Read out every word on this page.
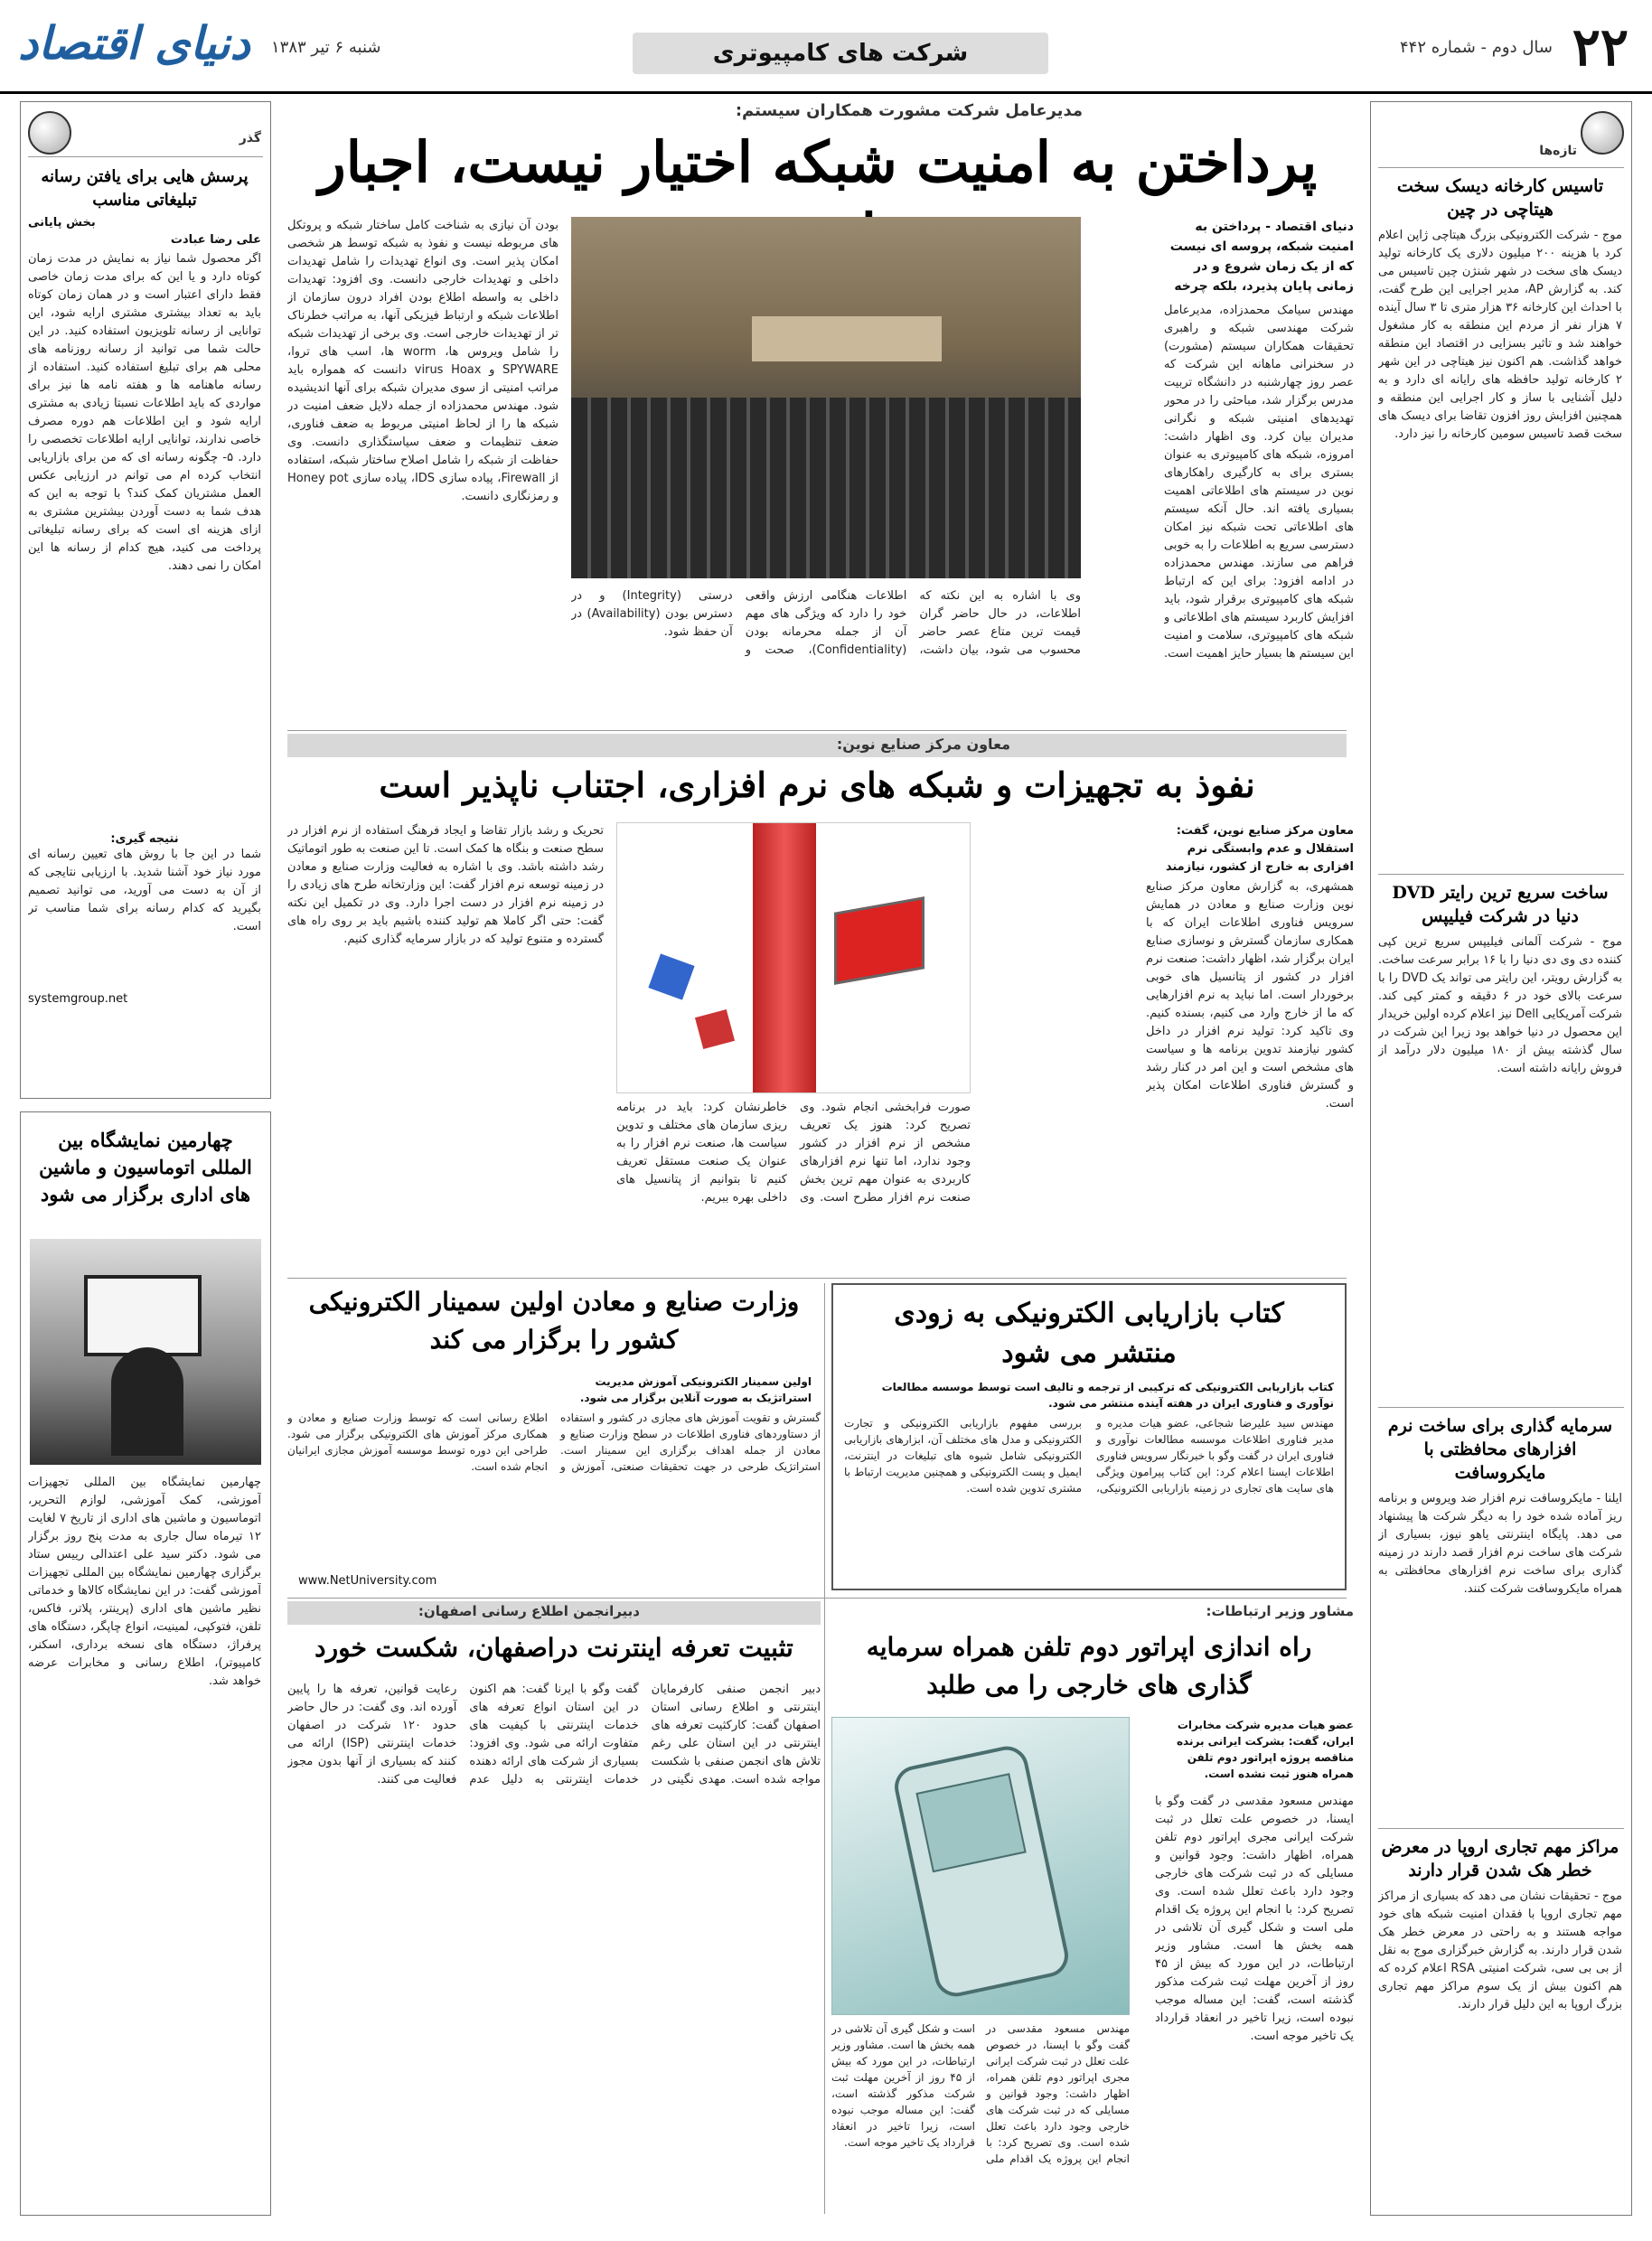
۲۲
سال دوم - شماره ۴۴۲
شرکت های کامپیوتری
شنبه ۶ تیر ۱۳۸۳
دنیای اقتصاد
تازه‌ها
تاسیس کارخانه دیسک سخت هیتاچی در چین
موج - شرکت الکترونیکی بزرگ هیتاچی ژاپن اعلام کرد با هزینه ۲۰۰ میلیون دلاری یک کارخانه تولید دیسک های سخت در شهر شنژن چین تاسیس می کند. به گزارش AP، مدیر اجرایی این طرح گفت، با احداث این کارخانه ۳۶ هزار متری تا ۳ سال آینده ۷ هزار نفر از مردم این منطقه به کار مشغول خواهند شد و تاثیر بسزایی در اقتصاد این منطقه خواهد گذاشت. هم اکنون نیز هیتاچی در این شهر ۲ کارخانه تولید حافظه های رایانه ای دارد و به دلیل آشنایی با ساز و کار اجرایی این منطقه و همچنین افزایش روز افزون تقاضا برای دیسک های سخت قصد تاسیس سومین کارخانه را نیز دارد.
ساخت سریع ترین رایتر DVD دنیا در شرکت فیلیپس
موج - شرکت آلمانی فیلیپس سریع ترین کپی کننده دی وی دی دنیا را با ۱۶ برابر سرعت ساخت. به گزارش رویتر، این رایتر می تواند یک DVD را با سرعت بالای خود در ۶ دقیقه و کمتر کپی کند. شرکت آمریکایی Dell نیز اعلام کرده اولین خریدار این محصول در دنیا خواهد بود زیرا این شرکت در سال گذشته بیش از ۱۸۰ میلیون دلار درآمد از فروش رایانه داشته است.
سرمایه گذاری برای ساخت نرم افزارهای محافظتی با مایکروسافت
ایلنا - مایکروسافت نرم افزار ضد ویروس و برنامه ریز آماده شده خود را به دیگر شرکت ها پیشنهاد می دهد. پایگاه اینترنتی یاهو نیوز، بسیاری از شرکت های ساخت نرم افزار قصد دارند در زمینه گذاری برای ساخت نرم افزارهای محافظتی به همراه مایکروسافت شرکت کنند.
مراکز مهم تجاری اروپا در معرض خطر هک شدن قرار دارند
موج - تحقیقات نشان می دهد که بسیاری از مراکز مهم تجاری اروپا با فقدان امنیت شبکه های خود مواجه هستند و به راحتی در معرض خطر هک شدن قرار دارند. به گزارش خبرگزاری موج به نقل از بی بی سی، شرکت امنیتی RSA اعلام کرده که هم اکنون بیش از یک سوم مراکز مهم تجاری بزرگ اروپا به این دلیل قرار دارند.
گذر
پرسش هایی برای یافتن رسانه تبلیغاتی مناسب
بخش پایانی
علی رضا عبادت
اگر محصول شما نیاز به نمایش در مدت زمان کوتاه دارد و یا این که برای مدت زمان خاصی فقط دارای اعتبار است و در همان زمان کوتاه باید به تعداد بیشتری مشتری ارایه شود، این توانایی از رسانه تلویزیون استفاده کنید. در این حالت شما می توانید از رسانه روزنامه های محلی هم برای تبلیغ استفاده کنید. استفاده از رسانه ماهنامه ها و هفته نامه ها نیز برای مواردی که باید اطلاعات نسبتا زیادی به مشتری ارایه شود و این اطلاعات هم دوره مصرف خاصی ندارند، توانایی ارایه اطلاعات تخصصی را دارد. ۵- چگونه رسانه ای که من برای بازاریابی انتخاب کرده ام می توانم در ارزیابی عکس العمل مشتریان کمک کند؟ با توجه به این که هدف شما به دست آوردن بیشترین مشتری به ازای هزینه ای است که برای رسانه تبلیغاتی پرداخت می کنید، هیچ کدام از رسانه ها این امکان را نمی دهند.
نتیجه گیری:
شما در این جا با روش های تعیین رسانه ای مورد نیاز خود آشنا شدید. با ارزیابی نتایجی که از آن به دست می آورید، می توانید تصمیم بگیرید که کدام رسانه برای شما مناسب تر است.
systemgroup.net
چهارمین نمایشگاه بین المللی اتوماسیون و ماشین های اداری برگزار می شود
چهارمین نمایشگاه بین المللی تجهیزات آموزشی، کمک آموزشی، لوازم التحریر، اتوماسیون و ماشین های اداری از تاریخ ۷ لغایت ۱۲ تیرماه سال جاری به مدت پنج روز برگزار می شود. دکتر سید علی اعتدالی رییس ستاد برگزاری چهارمین نمایشگاه بین المللی تجهیزات آموزشی گفت: در این نمایشگاه کالاها و خدماتی نظیر ماشین های اداری (پرینتر، پلاتر، فاکس، تلفن، فتوکپی، لمینیت، انواع چاپگر، دستگاه های پرفراژ، دستگاه های نسخه برداری، اسکنر، کامپیوتر)، اطلاع رسانی و مخابرات عرضه خواهد شد.
مدیرعامل شرکت مشورت همکاران سیستم:
پرداختن به امنیت شبکه اختیار نیست، اجبار
دنیای اقتصاد - پرداختن به امنیت شبکه، پروسه ای نیست که از یک زمان شروع و در زمانی پایان پذیرد، بلکه چرخه
مهندس سیامک محمدزاده، مدیرعامل شرکت مهندسی شبکه و راهبری تحقیقات همکاران سیستم (مشورت) در سخنرانی ماهانه این شرکت که عصر روز چهارشنبه در دانشگاه تربیت مدرس برگزار شد، مباحثی را در محور تهدیدهای امنیتی شبکه و نگرانی مدیران بیان کرد. وی اظهار داشت: امروزه، شبکه های کامپیوتری به عنوان بستری برای به کارگیری راهکارهای نوین در سیستم های اطلاعاتی اهمیت بسیاری یافته اند. حال آنکه سیستم های اطلاعاتی تحت شبکه نیز امکان دسترسی سریع به اطلاعات را به خوبی فراهم می سازند. مهندس محمدزاده در ادامه افزود: برای این که ارتباط شبکه های کامپیوتری برقرار شود، باید افزایش کاربرد سیستم های اطلاعاتی و شبکه های کامپیوتری، سلامت و امنیت این سیستم ها بسیار حایز اهمیت است.
بودن آن نیازی به شناخت کامل ساختار شبکه و پروتکل های مربوطه نیست و نفوذ به شبکه توسط هر شخصی امکان پذیر است. وی انواع تهدیدات را شامل تهدیدات داخلی و تهدیدات خارجی دانست. وی افزود: تهدیدات داخلی به واسطه اطلاع بودن افراد درون سازمان از اطلاعات شبکه و ارتباط فیزیکی آنها، به مراتب خطرناک تر از تهدیدات خارجی است. وی برخی از تهدیدات شبکه را شامل ویروس ها، worm ها، اسب های تروا، SPYWARE و virus Hoax دانست که همواره باید مراتب امنیتی از سوی مدیران شبکه برای آنها اندیشیده شود. مهندس محمدزاده از جمله دلایل ضعف امنیت در شبکه ها را از لحاظ امنیتی مربوط به ضعف فناوری، ضعف تنظیمات و ضعف سیاستگذاری دانست. وی حفاظت از شبکه را شامل اصلاح ساختار شبکه، استفاده از Firewall، پیاده سازی IDS، پیاده سازی Honey pot و رمزنگاری دانست.
وی با اشاره به این نکته که اطلاعات، در حال حاضر گران قیمت ترین متاع عصر حاضر محسوب می شود، بیان داشت، اطلاعات هنگامی ارزش واقعی خود را دارد که ویژگی های مهم آن از جمله محرمانه بودن (Confidentiality)، صحت و درستی (Integrity) و در دسترس بودن (Availability) در آن حفظ شود.
معاون مرکز صنایع نوین:
نفوذ به تجهیزات و شبکه های نرم افزاری، اجتناب ناپذیر است
معاون مرکز صنایع نوین، گفت: استقلال و عدم وابستگی نرم افزاری به خارج از کشور، نیازمند
همشهری، به گزارش معاون مرکز صنایع نوین وزارت صنایع و معادن در همایش سرویس فناوری اطلاعات ایران که با همکاری سازمان گسترش و نوسازی صنایع ایران برگزار شد، اظهار داشت: صنعت نرم افزار در کشور از پتانسیل های خوبی برخوردار است. اما نباید به نرم افزارهایی که ما از خارج وارد می کنیم، بسنده کنیم. وی تاکید کرد: تولید نرم افزار در داخل کشور نیازمند تدوین برنامه ها و سیاست های مشخص است و این امر در کنار رشد و گسترش فناوری اطلاعات امکان پذیر است.
صورت فرابخشی انجام شود. وی تصریح کرد: هنوز یک تعریف مشخص از نرم افزار در کشور وجود ندارد، اما تنها نرم افزارهای کاربردی به عنوان مهم ترین بخش صنعت نرم افزار مطرح است. وی خاطرنشان کرد: باید در برنامه ریزی سازمان های مختلف و تدوین سیاست ها، صنعت نرم افزار را به عنوان یک صنعت مستقل تعریف کنیم تا بتوانیم از پتانسیل های داخلی بهره ببریم.
تحریک و رشد بازار تقاضا و ایجاد فرهنگ استفاده از نرم افزار در سطح صنعت و بنگاه ها کمک است. تا این صنعت به طور اتوماتیک رشد داشته باشد. وی با اشاره به فعالیت وزارت صنایع و معادن در زمینه توسعه نرم افزار گفت: این وزارتخانه طرح های زیادی را در زمینه نرم افزار در دست اجرا دارد. وی در تکمیل این نکته گفت: حتی اگر کاملا هم تولید کننده باشیم باید بر روی راه های گسترده و متنوع تولید که در بازار سرمایه گذاری کنیم.
کتاب بازاریابی الکترونیکی به زودی منتشر می شود
کتاب بازاریابی الکترونیکی که ترکیبی از ترجمه و تالیف است توسط موسسه مطالعات نوآوری و فناوری ایران در هفته آینده منتشر می شود.
مهندس سید علیرضا شجاعی، عضو هیات مدیره و مدیر فناوری اطلاعات موسسه مطالعات نوآوری و فناوری ایران در گفت وگو با خبرنگار سرویس فناوری اطلاعات ایسنا اعلام کرد: این کتاب پیرامون ویژگی های سایت های تجاری در زمینه بازاریابی الکترونیکی، بررسی مفهوم بازاریابی الکترونیکی و تجارت الکترونیکی و مدل های مختلف آن، ابزارهای بازاریابی الکترونیکی شامل شیوه های تبلیغات در اینترنت، ایمیل و پست الکترونیکی و همچنین مدیریت ارتباط با مشتری تدوین شده است.
وزارت صنایع و معادن اولین سمینار الکترونیکی کشور را برگزار می کند
اولین سمینار الکترونیکی آموزش مدیریت استراتژیک به صورت آنلاین برگزار می شود.
گسترش و تقویت آموزش های مجازی در کشور و استفاده از دستاوردهای فناوری اطلاعات در سطح وزارت صنایع و معادن از جمله اهداف برگزاری این سمینار است. استراتژیک طرحی در جهت تحقیقات صنعتی، آموزش و اطلاع رسانی است که توسط وزارت صنایع و معادن و همکاری مرکز آموزش های الکترونیکی برگزار می شود. طراحی این دوره توسط موسسه آموزش مجازی ایرانیان انجام شده است.
www.NetUniversity.com
دبیرانجمن اطلاع رسانی اصفهان:
تثبیت تعرفه اینترنت دراصفهان، شکست خورد
دبیر انجمن صنفی کارفرمایان اینترنتی و اطلاع رسانی استان اصفهان گفت: کارکثیت تعرفه های اینترنتی در این استان علی رغم تلاش های انجمن صنفی با شکست مواجه شده است. مهدی نگینی در گفت وگو با ایرنا گفت: هم اکنون در این استان انواع تعرفه های خدمات اینترنتی با کیفیت های متفاوت ارائه می شود. وی افزود: بسیاری از شرکت های ارائه دهنده خدمات اینترنتی به دلیل عدم رعایت قوانین، تعرفه ها را پایین آورده اند. وی گفت: در حال حاضر حدود ۱۲۰ شرکت در اصفهان خدمات اینترنتی (ISP) ارائه می کنند که بسیاری از آنها بدون مجوز فعالیت می کنند.
مشاور وزیر ارتباطات:
راه اندازی اپراتور دوم تلفن همراه سرمایه گذاری های خارجی را می طلبد
عضو هیات مدیره شرکت مخابرات ایران، گفت: بشرکت ایرانی برنده مناقصه پروژه اپراتور دوم تلفن همراه هنوز ثبت نشده است.
مهندس مسعود مقدسی در گفت وگو با ایسنا، در خصوص علت تعلل در ثبت شرکت ایرانی مجری اپراتور دوم تلفن همراه، اظهار داشت: وجود قوانین و مسایلی که در ثبت شرکت های خارجی وجود دارد باعث تعلل شده است. وی تصریح کرد: با انجام این پروژه یک اقدام ملی است و شکل گیری آن تلاشی در همه بخش ها است. مشاور وزیر ارتباطات، در این مورد که بیش از ۴۵ روز از آخرین مهلت ثبت شرکت مذکور گذشته است، گفت: این مساله موجب نبوده است، زیرا تاخیر در انعقاد قرارداد یک تاخیر موجه است.
مهندس مسعود مقدسی در گفت وگو با ایسنا، در خصوص علت تعلل در ثبت شرکت ایرانی مجری اپراتور دوم تلفن همراه، اظهار داشت: وجود قوانین و مسایلی که در ثبت شرکت های خارجی وجود دارد باعث تعلل شده است. وی تصریح کرد: با انجام این پروژه یک اقدام ملی است و شکل گیری آن تلاشی در همه بخش ها است. مشاور وزیر ارتباطات، در این مورد که بیش از ۴۵ روز از آخرین مهلت ثبت شرکت مذکور گذشته است، گفت: این مساله موجب نبوده است، زیرا تاخیر در انعقاد قرارداد یک تاخیر موجه است.
